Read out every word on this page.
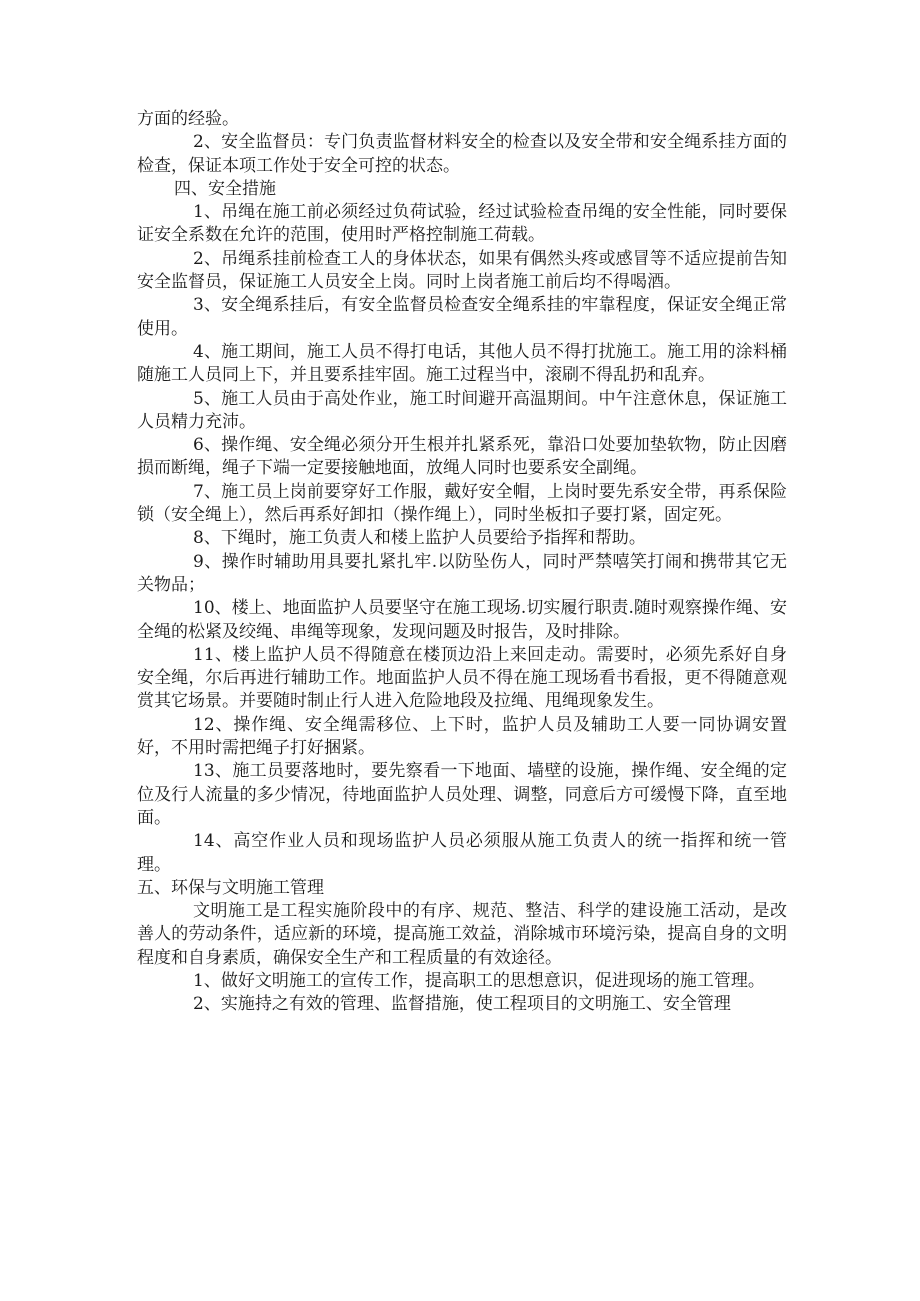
方面的经验。

2、安全监督员：专门负责监督材料安全的检查以及安全带和安全绳系挂方面的检查，保证本项工作处于安全可控的状态。

四、安全措施

1、吊绳在施工前必须经过负荷试验，经过试验检查吊绳的安全性能，同时要保证安全系数在允许的范围，使用时严格控制施工荷载。

2、吊绳系挂前检查工人的身体状态，如果有偶然头疼或感冒等不适应提前告知安全监督员，保证施工人员安全上岗。同时上岗者施工前后均不得喝酒。

3、安全绳系挂后，有安全监督员检查安全绳系挂的牢靠程度，保证安全绳正常使用。

4、施工期间，施工人员不得打电话，其他人员不得打扰施工。施工用的涂料桶随施工人员同上下，并且要系挂牢固。施工过程当中，滚刷不得乱扔和乱弃。

5、施工人员由于高处作业，施工时间避开高温期间。中午注意休息，保证施工人员精力充沛。

6、操作绳、安全绳必须分开生根并扎紧系死，靠沿口处要加垫软物，防止因磨损而断绳，绳子下端一定要接触地面，放绳人同时也要系安全副绳。

7、施工员上岗前要穿好工作服，戴好安全帽，上岗时要先系安全带，再系保险锁（安全绳上），然后再系好卸扣（操作绳上），同时坐板扣子要打紧，固定死。

8、下绳时，施工负责人和楼上监护人员要给予指挥和帮助。

9、操作时辅助用具要扎紧扎牢.以防坠伤人，同时严禁嘻笑打闹和携带其它无关物品；

10、楼上、地面监护人员要坚守在施工现场.切实履行职责.随时观察操作绳、安全绳的松紧及绞绳、串绳等现象，发现问题及时报告，及时排除。

11、楼上监护人员不得随意在楼顶边沿上来回走动。需要时，必须先系好自身安全绳，尔后再进行辅助工作。地面监护人员不得在施工现场看书看报，更不得随意观赏其它场景。并要随时制止行人进入危险地段及拉绳、甩绳现象发生。

12、操作绳、安全绳需移位、上下时，监护人员及辅助工人要一同协调安置好，不用时需把绳子打好捆紧。

13、施工员要落地时，要先察看一下地面、墙壁的设施，操作绳、安全绳的定位及行人流量的多少情况，待地面监护人员处理、调整，同意后方可缓慢下降，直至地面。

14、高空作业人员和现场监护人员必须服从施工负责人的统一指挥和统一管理。

五、环保与文明施工管理

文明施工是工程实施阶段中的有序、规范、整洁、科学的建设施工活动，是改善人的劳动条件，适应新的环境，提高施工效益，消除城市环境污染，提高自身的文明程度和自身素质，确保安全生产和工程质量的有效途径。

1、做好文明施工的宣传工作，提高职工的思想意识，促进现场的施工管理。

2、实施持之有效的管理、监督措施，使工程项目的文明施工、安全管理
